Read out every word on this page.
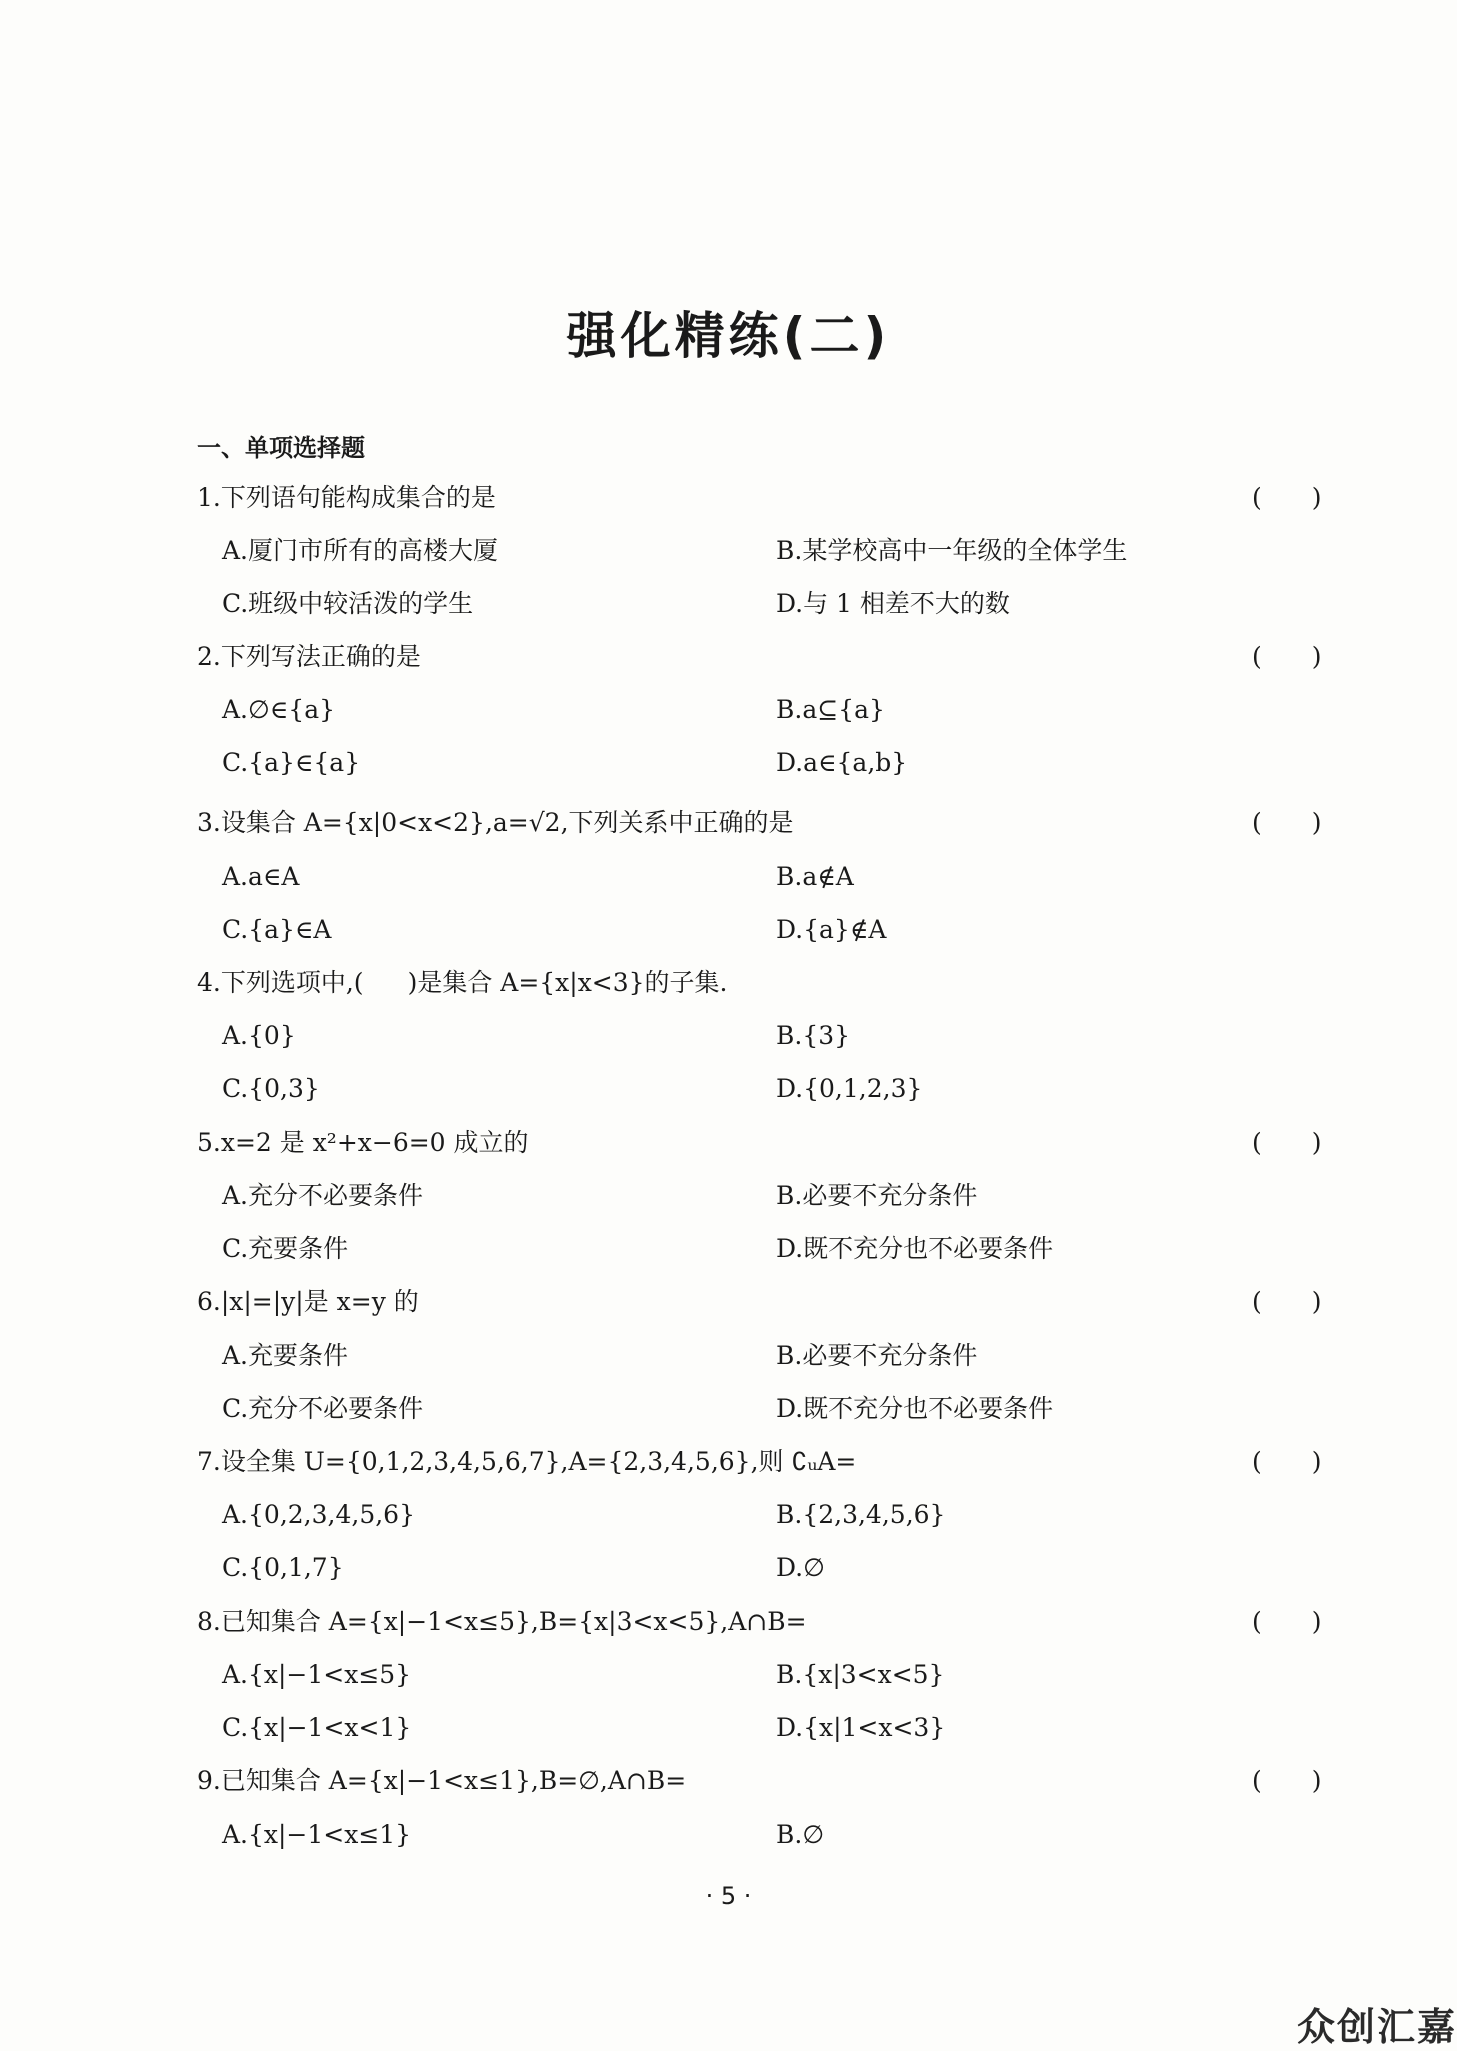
强化精练(二)
一、单项选择题
1.下列语句能构成集合的是	(　　)
A.厦门市所有的高楼大厦	B.某学校高中一年级的全体学生
C.班级中较活泼的学生	D.与 1 相差不大的数
2.下列写法正确的是	(　　)
A.∅∈{a}	B.a⊆{a}
C.{a}∈{a}	D.a∈{a,b}
3.设集合 A={x|0<x<2},a=√2,下列关系中正确的是	(　　)
A.a∈A	B.a∉A
C.{a}∈A	D.{a}∉A
4.下列选项中,( )是集合 A={x|x<3}的子集.
A.{0}	B.{3}
C.{0,3}	D.{0,1,2,3}
5.x=2 是 x²+x−6=0 成立的	(　　)
A.充分不必要条件	B.必要不充分条件
C.充要条件	D.既不充分也不必要条件
6.|x|=|y|是 x=y 的	(　　)
A.充要条件	B.必要不充分条件
C.充分不必要条件	D.既不充分也不必要条件
7.设全集 U={0,1,2,3,4,5,6,7},A={2,3,4,5,6},则 ∁ᵤA=	(　　)
A.{0,2,3,4,5,6}	B.{2,3,4,5,6}
C.{0,1,7}	D.∅
8.已知集合 A={x|−1<x≤5},B={x|3<x<5},A∩B=	(　　)
A.{x|−1<x≤5}	B.{x|3<x<5}
C.{x|−1<x<1}	D.{x|1<x<3}
9.已知集合 A={x|−1<x≤1},B=∅,A∩B=	(　　)
A.{x|−1<x≤1}	B.∅
· 5 ·
众创汇嘉
